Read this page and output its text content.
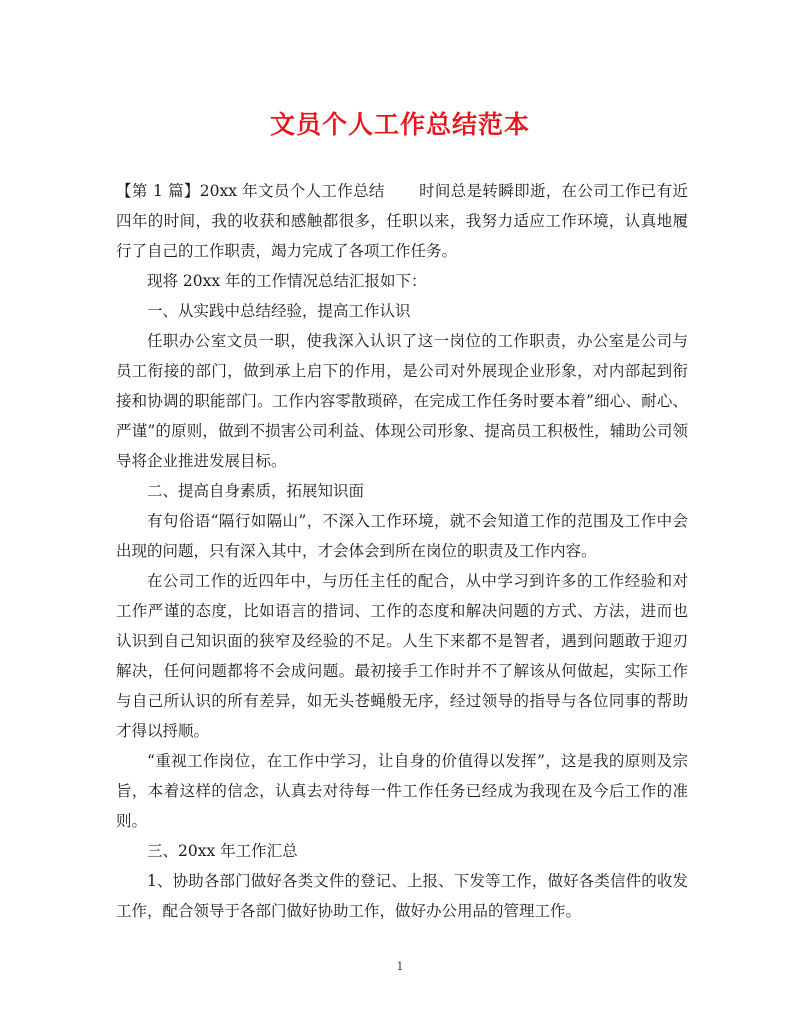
文员个人工作总结范本

【第 1 篇】20xx 年文员个人工作总结 时间总是转瞬即逝，在公司工作已有近四年的时间，我的收获和感触都很多，任职以来，我努力适应工作环境，认真地履行了自己的工作职责，竭力完成了各项工作任务。

现将 20xx 年的工作情况总结汇报如下：

一、从实践中总结经验，提高工作认识

任职办公室文员一职，使我深入认识了这一岗位的工作职责，办公室是公司与员工衔接的部门，做到承上启下的作用，是公司对外展现企业形象，对内部起到衔接和协调的职能部门。工作内容零散琐碎，在完成工作任务时要本着”细心、耐心、严谨”的原则，做到不损害公司利益、体现公司形象、提高员工积极性，辅助公司领导将企业推进发展目标。

二、提高自身素质，拓展知识面

有句俗语“隔行如隔山”，不深入工作环境，就不会知道工作的范围及工作中会出现的问题，只有深入其中，才会体会到所在岗位的职责及工作内容。

在公司工作的近四年中，与历任主任的配合，从中学习到许多的工作经验和对工作严谨的态度，比如语言的措词、工作的态度和解决问题的方式、方法，进而也认识到自己知识面的狭窄及经验的不足。人生下来都不是智者，遇到问题敢于迎刃解决，任何问题都将不会成问题。最初接手工作时并不了解该从何做起，实际工作与自己所认识的所有差异，如无头苍蝇般无序，经过领导的指导与各位同事的帮助才得以捋顺。

“重视工作岗位，在工作中学习，让自身的价值得以发挥”，这是我的原则及宗旨，本着这样的信念，认真去对待每一件工作任务已经成为我现在及今后工作的准则。

三、20xx 年工作汇总

1、协助各部门做好各类文件的登记、上报、下发等工作，做好各类信件的收发工作，配合领导于各部门做好协助工作，做好办公用品的管理工作。

1
